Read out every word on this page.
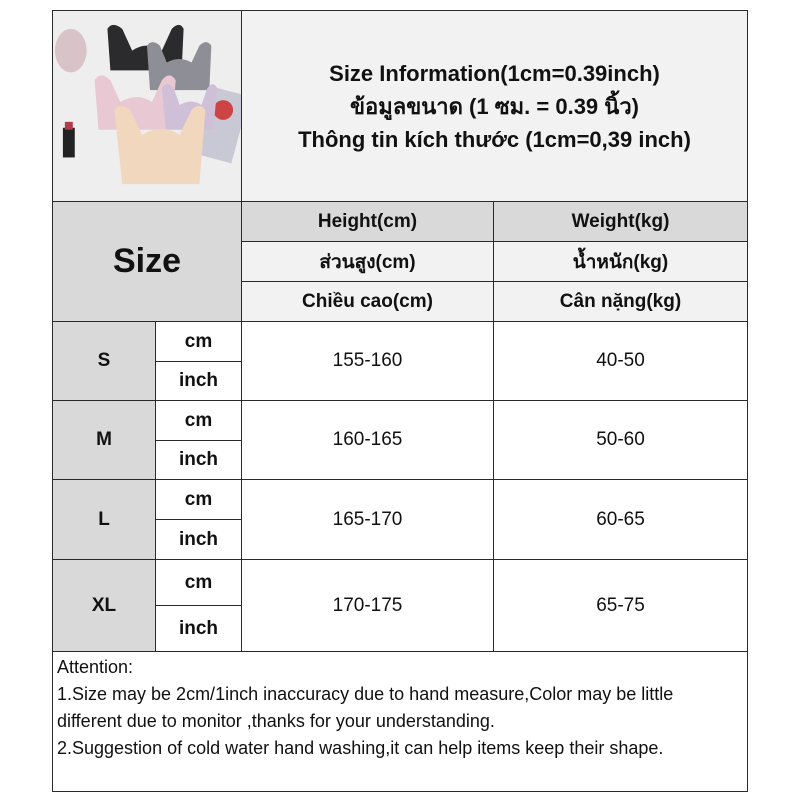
Size Information(1cm=0.39inch)
ข้อมูลขนาด (1 ซม. = 0.39 นิ้ว)
Thông tin kích thước (1cm=0,39 inch)
Size
Height(cm)
ส่วนสูง(cm)
Chiều cao(cm)
Weight(kg)
น้ำหนัก(kg)
Cân nặng(kg)
S
cm
inch
155-160	40-50
M
cm
inch
160-165	50-60
L
cm
inch
165-170	60-65
XL
cm
inch
170-175	65-75
Attention:
1.Size may be 2cm/1inch inaccuracy due to hand measure,Color may be little different due to monitor ,thanks for your understanding.
2.Suggestion of cold water hand washing,it can help items keep their shape.
